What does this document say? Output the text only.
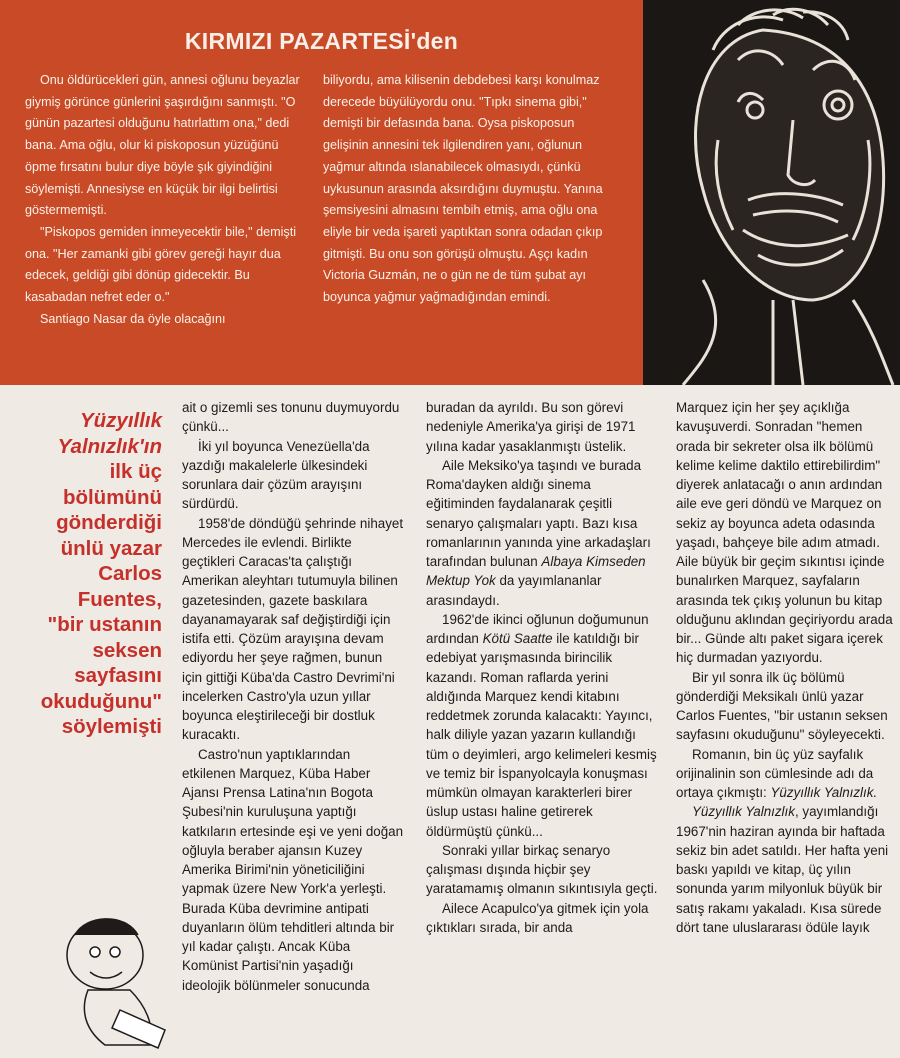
KIRMIZI PAZARTESİ'den

Onu öldürücekleri gün, annesi oğlunu beyazlar giymiş görünce günlerini şaşırdığını sanmıştı. "O günün pazartesi olduğunu hatırlattım ona," dedi bana. Ama oğlu, olur ki piskoposun yüzüğünü öpme fırsatını bulur diye böyle şık giyindiğini söylemişti. Annesiyse en küçük bir ilgi belirtisi göstermemişti.

"Piskopos gemiden inmeyecektir bile," demişti ona. "Her zamanki gibi görev gereği hayır dua edecek, geldiği gibi dönüp gidecektir. Bu kasabadan nefret eder o."

Santiago Nasar da öyle olacağını

biliyordu, ama kilisenin debdebesi karşı konulmaz derecede büyülüyordu onu. "Tıpkı sinema gibi," demişti bir defasında bana. Oysa piskoposun gelişinin annesini tek ilgilendiren yanı, oğlunun yağmur altında ıslanabilecek olmasıydı, çünkü uykusunun arasında aksırdığını duymuştu. Yanına şemsiyesini almasını tembih etmiş, ama oğlu ona eliyle bir veda işareti yaptıktan sonra odadan çıkıp gitmişti. Bu onu son görüşü olmuştu. Aşçı kadın Victoria Guzmán, ne o gün ne de tüm şubat ayı boyunca yağmur yağmadığından emindi.

Yüzyıllık
Yalnızlık'ın
ilk üç
bölümünü
gönderdiği
ünlü yazar
Carlos
Fuentes,
"bir ustanın
seksen
sayfasını
okuduğunu"
söylemişti

ait o gizemli ses tonunu duymuyordu çünkü...

İki yıl boyunca Venezüella'da yazdığı makalelerle ülkesindeki sorunlara dair çözüm arayışını sürdürdü.

1958'de döndüğü şehrinde nihayet Mercedes ile evlendi. Birlikte geçtikleri Caracas'ta çalıştığı Amerikan aleyhtarı tutumuyla bilinen gazetesinden, gazete baskılara dayanamayarak saf değiştirdiği için istifa etti. Çözüm arayışına devam ediyordu her şeye rağmen, bunun için gittiği Küba'da Castro Devrimi'ni incelerken Castro'yla uzun yıllar boyunca eleştirileceği bir dostluk kuracaktı.

Castro'nun yaptıklarından etkilenen Marquez, Küba Haber Ajansı Prensa Latina'nın Bogota Şubesi'nin kuruluşuna yaptığı katkıların ertesinde eşi ve yeni doğan oğluyla beraber ajansın Kuzey Amerika Birimi'nin yöneticiliğini yapmak üzere New York'a yerleşti. Burada Küba devrimine antipati duyanların ölüm tehditleri altında bir yıl kadar çalıştı. Ancak Küba Komünist Partisi'nin yaşadığı ideolojik bölünmeler sonucunda

buradan da ayrıldı. Bu son görevi nedeniyle Amerika'ya girişi de 1971 yılına kadar yasaklanmıştı üstelik.

Aile Meksiko'ya taşındı ve burada Roma'dayken aldığı sinema eğitiminden faydalanarak çeşitli senaryo çalışmaları yaptı. Bazı kısa romanlarının yanında yine arkadaşları tarafından bulunan Albaya Kimseden Mektup Yok da yayımlananlar arasındaydı.

1962'de ikinci oğlunun doğumunun ardından Kötü Saatte ile katıldığı bir edebiyat yarışmasında birincilik kazandı. Roman raflarda yerini aldığında Marquez kendi kitabını reddetmek zorunda kalacaktı: Yayıncı, halk diliyle yazan yazarın kullandığı tüm o deyimleri, argo kelimeleri kesmiş ve temiz bir İspanyolcayla konuşması mümkün olmayan karakterleri birer üslup ustası haline getirerek öldürmüştü çünkü...

Sonraki yıllar birkaç senaryo çalışması dışında hiçbir şey yaratamamış olmanın sıkıntısıyla geçti.

Ailece Acapulco'ya gitmek için yola çıktıkları sırada, bir anda

Marquez için her şey açıklığa kavuşuverdi. Sonradan "hemen orada bir sekreter olsa ilk bölümü kelime kelime daktilo ettirebilirdim" diyerek anlatacağı o anın ardından aile eve geri döndü ve Marquez on sekiz ay boyunca adeta odasında yaşadı, bahçeye bile adım atmadı. Aile büyük bir geçim sıkıntısı içinde bunalırken Marquez, sayfaların arasında tek çıkış yolunun bu kitap olduğunu aklından geçiriyordu arada bir... Günde altı paket sigara içerek hiç durmadan yazıyordu.

Bir yıl sonra ilk üç bölümü gönderdiği Meksikalı ünlü yazar Carlos Fuentes, "bir ustanın seksen sayfasını okuduğunu" söyleyecekti.

Romanın, bin üç yüz sayfalık orijinalinin son cümlesinde adı da ortaya çıkmıştı: Yüzyıllık Yalnızlık.

Yüzyıllık Yalnızlık, yayımlandığı 1967'nin haziran ayında bir haftada sekiz bin adet satıldı. Her hafta yeni baskı yapıldı ve kitap, üç yılın sonunda yarım milyonluk büyük bir satış rakamı yakaladı. Kısa sürede dört tane uluslararası ödüle layık
